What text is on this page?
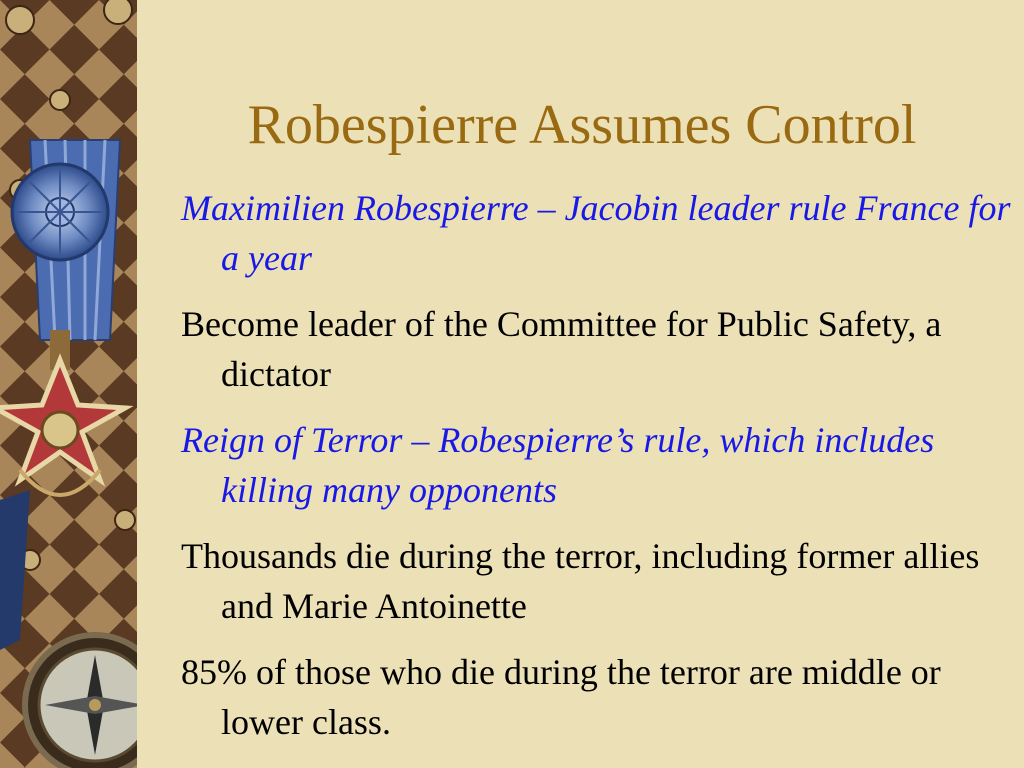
Robespierre Assumes Control
Maximilien Robespierre – Jacobin leader rule France for a year
Become leader of the Committee for Public Safety, a dictator
Reign of Terror – Robespierre’s rule, which includes killing many opponents
Thousands die during the terror, including former allies and Marie Antoinette
85% of those who die during the terror are middle or lower class.
